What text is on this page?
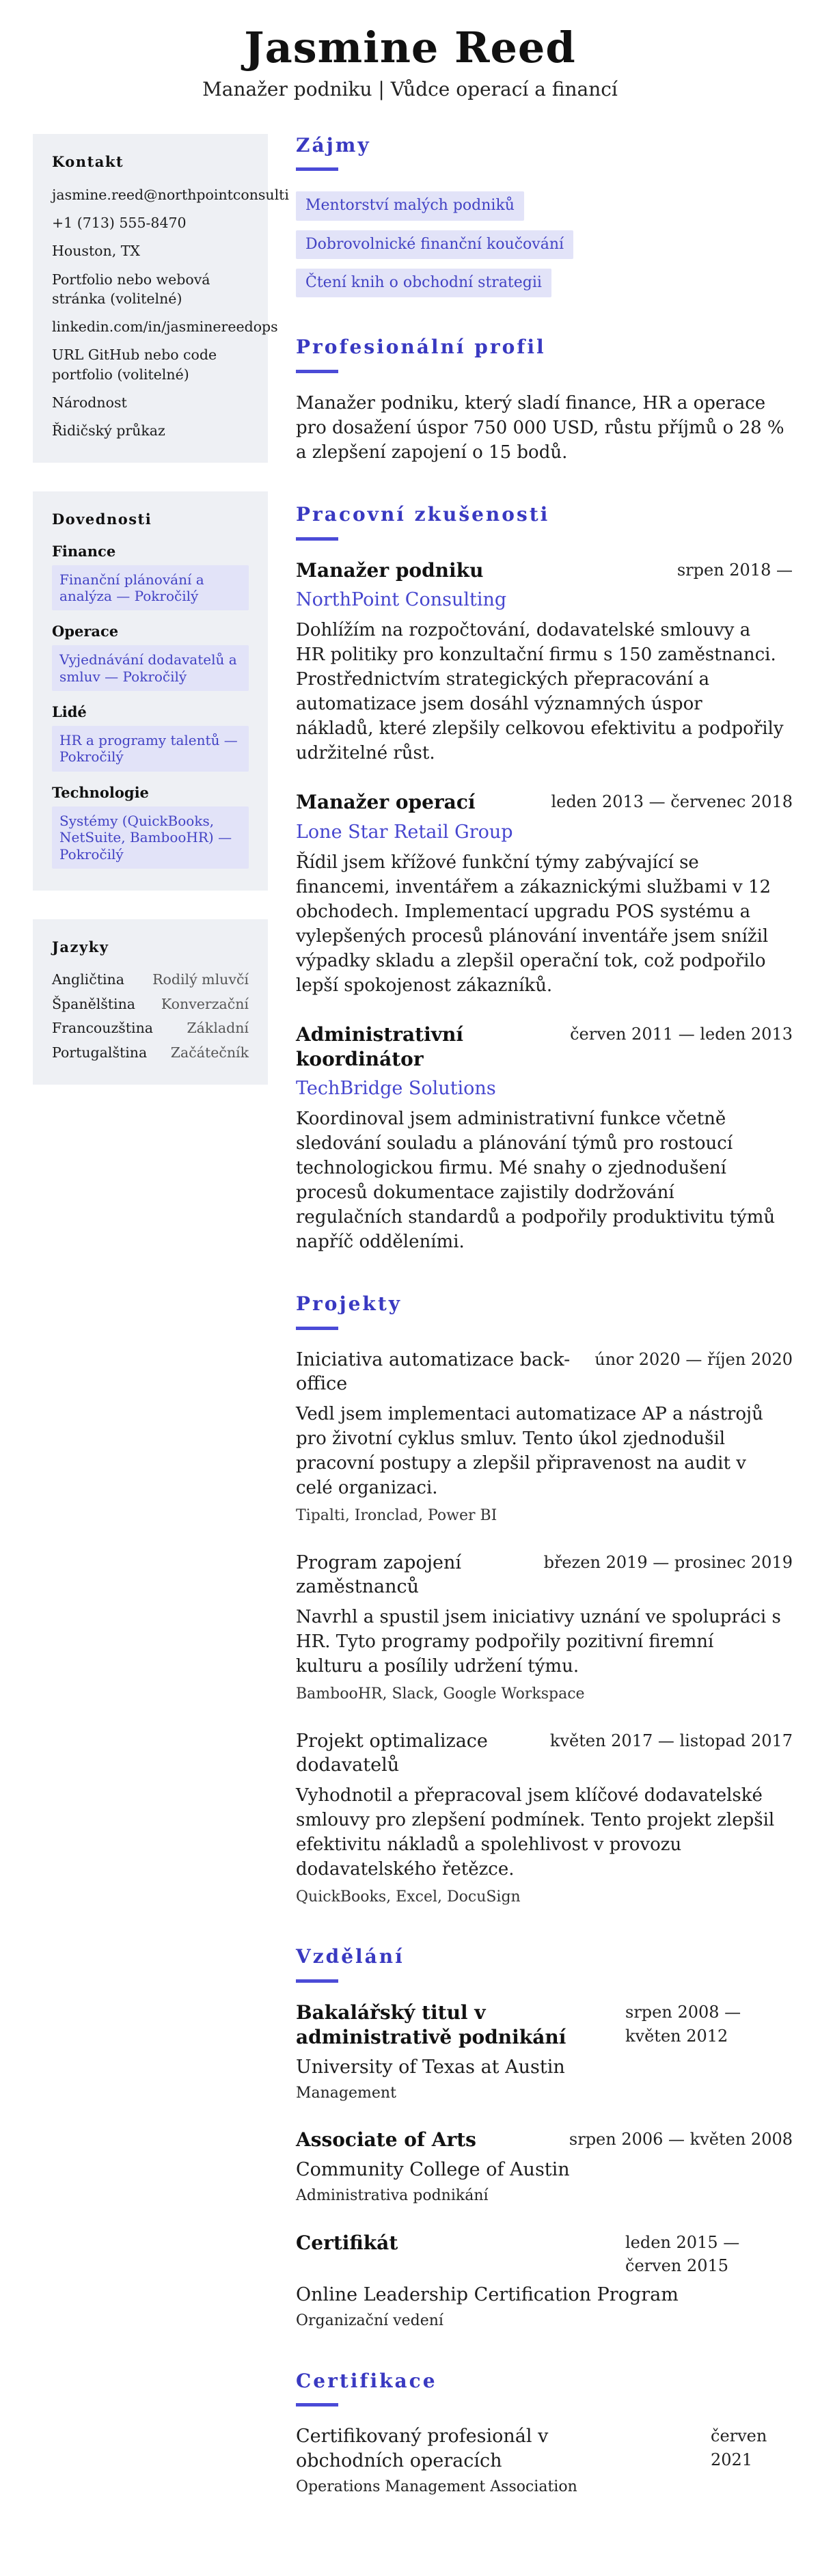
Jasmine Reed
Manažer podniku | Vůdce operací a financí
Kontakt
jasmine.reed@northpointconsulti
+1 (713) 555-8470
Houston, TX
Portfolio nebo webová stránka (volitelné)
linkedin.com/in/jasminereedops
URL GitHub nebo code portfolio (volitelné)
Národnost
Řidičský průkaz
Dovednosti
Finance
Finanční plánování a analýza — Pokročilý
Operace
Vyjednávání dodavatelů a smluv — Pokročilý
Lidé
HR a programy talentů — Pokročilý
Technologie
Systémy (QuickBooks, NetSuite, BambooHR) — Pokročilý
Jazyky
Angličtina Rodilý mluvčí
Španělština Konverzační
Francouzština Základní
Portugalština Začátečník
Zájmy
Mentorství malých podniků
Dobrovolnické finanční koučování
Čtení knih o obchodní strategii
Profesionální profil

Manažer podniku, který sladí finance, HR a operace pro dosažení úspor 750 000 USD, růstu příjmů o 28 % a zlepšení zapojení o 15 bodů.

Pracovní zkušenosti
Manažer podniku	srpen 2018 —
NorthPoint Consulting
Dohlížím na rozpočtování, dodavatelské smlouvy a HR politiky pro konzultační firmu s 150 zaměstnanci. Prostřednictvím strategických přepracování a automatizace jsem dosáhl významných úspor nákladů, které zlepšily celkovou efektivitu a podpořily udržitelné růst.
Manažer operací	leden 2013 — červenec 2018
Lone Star Retail Group
Řídil jsem křížové funkční týmy zabývající se financemi, inventářem a zákaznickými službami v 12 obchodech. Implementací upgradu POS systému a vylepšených procesů plánování inventáře jsem snížil výpadky skladu a zlepšil operační tok, což podpořilo lepší spokojenost zákazníků.
Administrativní koordinátor
červen 2011 — leden 2013
TechBridge Solutions
Koordinoval jsem administrativní funkce včetně sledování souladu a plánování týmů pro rostoucí technologickou firmu. Mé snahy o zjednodušení procesů dokumentace zajistily dodržování regulačních standardů a podpořily produktivitu týmů napříč odděleními.
Projekty
Iniciativa automatizace back-office
únor 2020 — říjen 2020
Vedl jsem implementaci automatizace AP a nástrojů pro životní cyklus smluv. Tento úkol zjednodušil pracovní postupy a zlepšil připravenost na audit v celé organizaci.
Tipalti, Ironclad, Power BI
Program zapojení zaměstnanců
březen 2019 — prosinec 2019
Navrhl a spustil jsem iniciativy uznání ve spolupráci s HR. Tyto programy podpořily pozitivní firemní kulturu a posílily udržení týmu.
BambooHR, Slack, Google Workspace
Projekt optimalizace dodavatelů
květen 2017 — listopad 2017
Vyhodnotil a přepracoval jsem klíčové dodavatelské smlouvy pro zlepšení podmínek. Tento projekt zlepšil efektivitu nákladů a spolehlivost v provozu dodavatelského řetězce.
QuickBooks, Excel, DocuSign
Vzdělání
Bakalářský titul v administrativě podnikání
srpen 2008 — květen 2012
University of Texas at Austin
Management
Associate of Arts	srpen 2006 — květen 2008
Community College of Austin
Administrativa podnikání
Certifikát	leden 2015 — červen 2015
Online Leadership Certification Program
Organizační vedení
Certifikace
Certifikovaný profesionál v obchodních operacích
červen 2021
Operations Management Association
